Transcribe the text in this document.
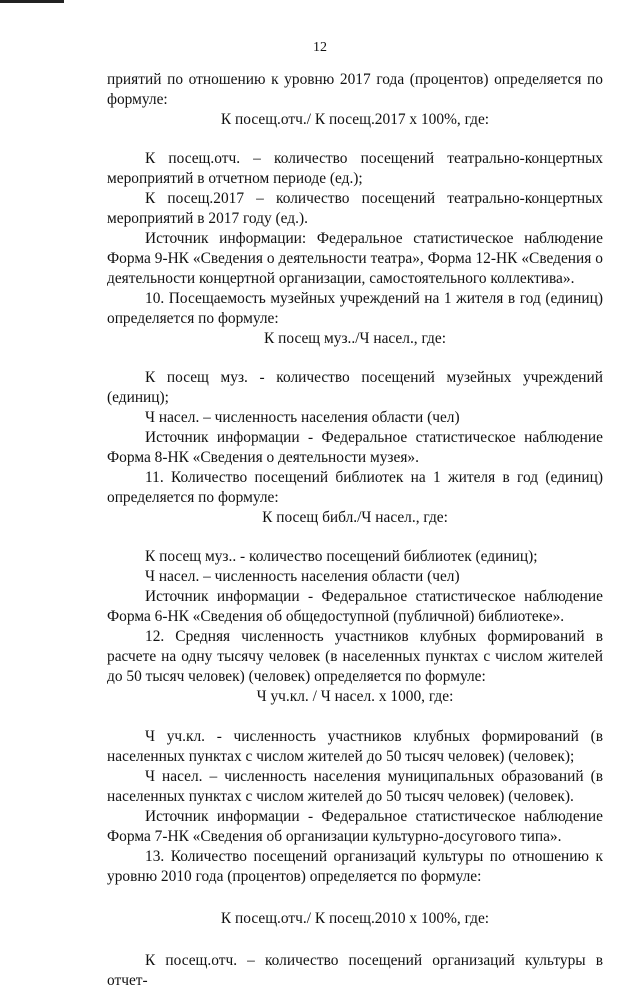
12
приятий по отношению к уровню 2017 года (процентов) определяется по формуле:
К посещ.отч./ К посещ.2017 х 100%, где:
К посещ.отч. – количество посещений театрально-концертных мероприятий в отчетном периоде (ед.);
К посещ.2017 – количество посещений театрально-концертных мероприятий в 2017 году (ед.).
Источник информации: Федеральное статистическое наблюдение Форма 9-НК «Сведения о деятельности театра», Форма 12-НК «Сведения о деятельности концертной организации, самостоятельного коллектива».
10. Посещаемость музейных учреждений на 1 жителя в год (единиц) определяется по формуле:
К посещ муз../Ч насел., где:
К посещ муз. - количество посещений музейных учреждений (единиц);
Ч насел. – численность населения области (чел)
Источник информации - Федеральное статистическое наблюдение Форма 8-НК «Сведения о деятельности музея».
11. Количество посещений библиотек на 1 жителя в год (единиц) определяется по формуле:
К посещ библ./Ч насел., где:
К посещ муз.. - количество посещений библиотек (единиц);
Ч насел. – численность населения области (чел)
Источник информации - Федеральное статистическое наблюдение Форма 6-НК «Сведения об общедоступной (публичной) библиотеке».
12. Средняя численность участников клубных формирований в расчете на одну тысячу человек (в населенных пунктах с числом жителей до 50 тысяч человек) (человек) определяется по формуле:
Ч уч.кл. / Ч насел. х 1000, где:
Ч уч.кл. - численность участников клубных формирований (в населенных пунктах с числом жителей до 50 тысяч человек) (человек);
Ч насел. – численность населения муниципальных образований (в населенных пунктах с числом жителей до 50 тысяч человек) (человек).
Источник информации - Федеральное статистическое наблюдение Форма 7-НК «Сведения об организации культурно-досугового типа».
13. Количество посещений организаций культуры по отношению к уровню 2010 года (процентов) определяется по формуле:
К посещ.отч./ К посещ.2010 х 100%, где:
К посещ.отч. – количество посещений организаций культуры в отчет-
